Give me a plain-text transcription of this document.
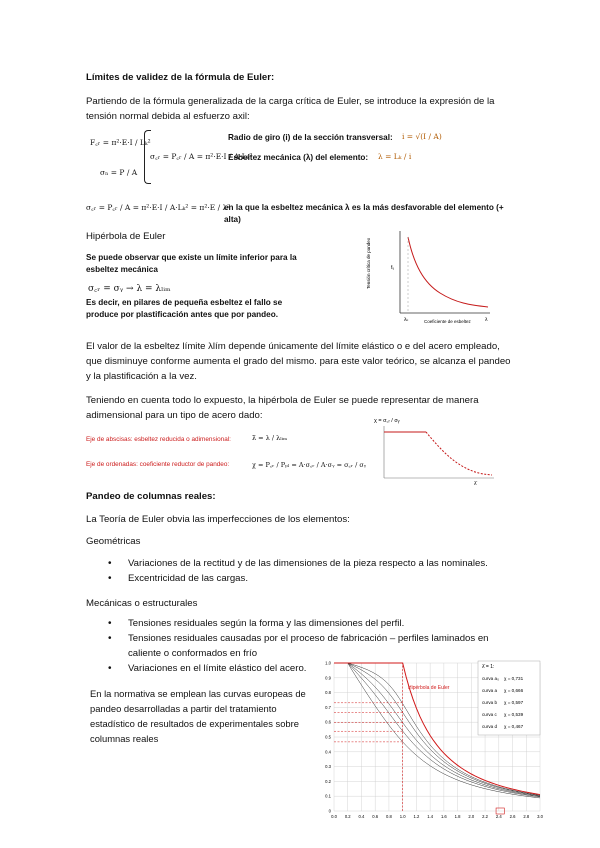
Límites de validez de la fórmula de Euler:
Partiendo de la fórmula generalizada de la carga crítica de Euler, se introduce la expresión de la tensión normal debida al esfuerzo axil:
F꜀ᵣ = π²·E·I / Lₖ²
σₙ = P / A
σ꜀ᵣ = P꜀ᵣ / A = π²·E·I / A·Lₖ²
Radio de giro (i) de la sección transversal: i = √(I / A)
Esbeltez mecánica (λ) del elemento: λ = Lₖ / i
σ꜀ᵣ = P꜀ᵣ / A = π²·E·I / A·Lₖ² = π²·E / λ²
en la que la esbeltez mecánica λ es la más desfavorable del elemento (+ alta)
Hipérbola de Euler
Se puede observar que existe un límite inferior para la esbeltez mecánica
σ꜀ᵣ = σᵧ → λ = λₗᵢₘ
Es decir, en pilares de pequeña esbeltez el fallo se produce por plastificación antes que por pandeo.
Tensión crítica de pandeo	fᵧ
λₖ	Coeficiente de esbeltez	λ
El valor de la esbeltez límite λlím depende únicamente del límite elástico o e del acero empleado, que disminuye conforme aumenta el grado del mismo. para este valor teórico, se alcanza el pandeo y la plastificación a la vez.
Teniendo en cuenta todo lo expuesto, la hipérbola de Euler se puede representar de manera adimensional para un tipo de acero dado:
Eje de abscisas: esbeltez reducida o adimensional:
Eje de ordenadas: coeficiente reductor de pandeo:
λ̄ = λ / λₗᵢₘ
χ = P꜀ᵣ / Pₚₗ = A·σ꜀ᵣ / A·σᵧ = σ꜀ᵣ / σᵧ
χ = σ꜀ᵣ / σᵧ
λ̄
Pandeo de columnas reales:
La Teoría de Euler obvia las imperfecciones de los elementos:
Geométricas
• Variaciones de la rectitud y de las dimensiones de la pieza respecto a las nominales.
• Excentricidad de las cargas.
Mecánicas o estructurales
• Tensiones residuales según la forma y las dimensiones del perfil.
• Tensiones residuales causadas por el proceso de fabricación – perfiles laminados en caliente o conformados en frío
• Variaciones en el límite elástico del acero.
En la normativa se emplean las curvas europeas de pandeo desarrolladas a partir del tratamiento estadístico de resultados de experimentales sobre columnas reales
0
0.1
0.2
0.3
0.4
0.5
0.6
0.7
0.8
0.9
1.0
0.0 0.2 0.4 0.6 0.8 1.0 1.2 1.4 1.6 1.8 2.0 2.2 2.4 2.6 2.8 3.0
Hipérbola de Euler
λ̄ = 1:
curva a₀ χ = 0,731
curva a χ = 0,666
curva b χ = 0,597
curva c χ = 0,539
curva d χ = 0,467
